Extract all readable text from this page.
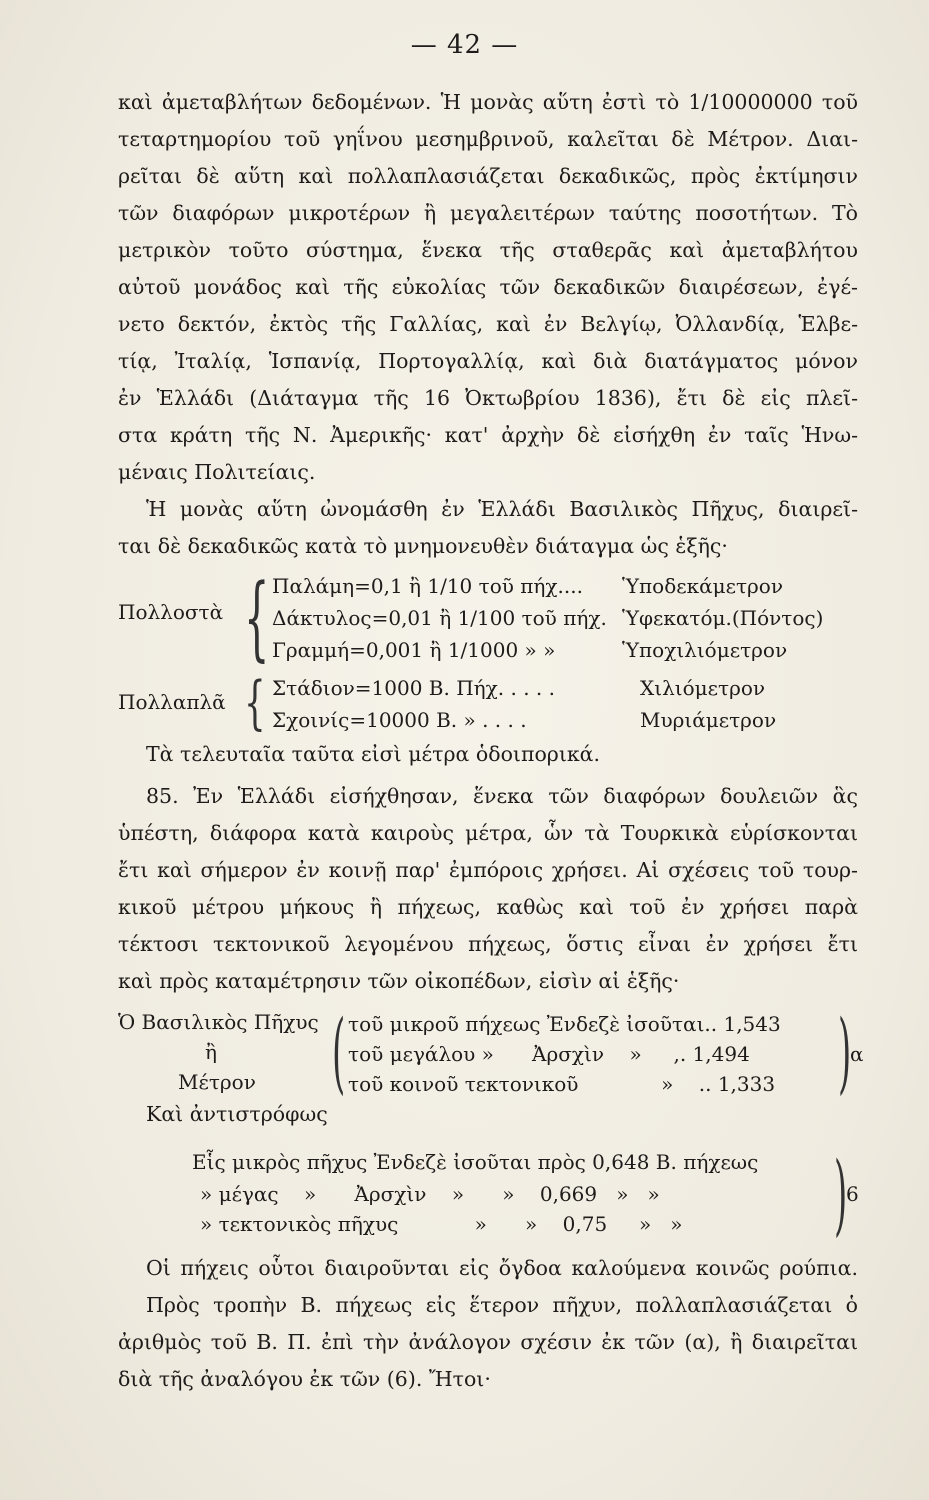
— 42 —
καὶ ἀμεταβλήτων δεδομένων. Ἡ μονὰς αὕτη ἐστὶ τὸ 1/10000000 τοῦ
τεταρτημορίου τοῦ γηΐνου μεσημβρινοῦ, καλεῖται δὲ Μέτρον. Διαι-
ρεῖται δὲ αὕτη καὶ πολλαπλασιάζεται δεκαδικῶς, πρὸς ἐκτίμησιν
τῶν διαφόρων μικροτέρων ἢ μεγαλειτέρων ταύτης ποσοτήτων. Τὸ
μετρικὸν τοῦτο σύστημα, ἕνεκα τῆς σταθερᾶς καὶ ἀμεταβλήτου
αὐτοῦ μονάδος καὶ τῆς εὐκολίας τῶν δεκαδικῶν διαιρέσεων, ἐγέ-
νετο δεκτόν, ἐκτὸς τῆς Γαλλίας, καὶ ἐν Βελγίῳ, Ὀλλανδίᾳ, Ἑλβε-
τίᾳ, Ἰταλίᾳ, Ἱσπανίᾳ, Πορτογαλλίᾳ, καὶ διὰ διατάγματος μόνον
ἐν Ἑλλάδι (Διάταγμα τῆς 16 Ὀκτωβρίου 1836), ἔτι δὲ εἰς πλεῖ-
στα κράτη τῆς Ν. Ἀμερικῆς· κατ' ἀρχὴν δὲ εἰσήχθη ἐν ταῖς Ἡνω-
μέναις Πολιτείαις.
Ἡ μονὰς αὕτη ὠνομάσθη ἐν Ἑλλάδι Βασιλικὸς Πῆχυς, διαιρεῖ-
ται δὲ δεκαδικῶς κατὰ τὸ μνημονευθὲν διάταγμα ὡς ἑξῆς·
Πολλοστὰ { Παλάμη=0,1 ἢ 1/10 τοῦ πήχ.... Ὑποδεκάμετρον
Δάκτυλος=0,01 ἢ 1/100 τοῦ πήχ. Ὑφεκατόμ.(Πόντος)
Γραμμή=0,001 ἢ 1/1000 » »	Ὑποχιλιόμετρον
Πολλαπλᾶ { Στάδιον=1000 Β. Πήχ. . . . .	Χιλιόμετρον
Σχοινίς=10000 Β. » . . . .	Μυριάμετρον
Τὰ τελευταῖα ταῦτα εἰσὶ μέτρα ὁδοιπορικά.
85. Ἐν Ἑλλάδι εἰσήχθησαν, ἕνεκα τῶν διαφόρων δουλειῶν ἃς
ὑπέστη, διάφορα κατὰ καιροὺς μέτρα, ὧν τὰ Τουρκικὰ εὑρίσκονται
ἔτι καὶ σήμερον ἐν κοινῇ παρ' ἐμπόροις χρήσει. Αἱ σχέσεις τοῦ τουρ-
κικοῦ μέτρου μήκους ἢ πήχεως, καθὼς καὶ τοῦ ἐν χρήσει παρὰ
τέκτοσι τεκτονικοῦ λεγομένου πήχεως, ὅστις εἶναι ἐν χρήσει ἔτι
καὶ πρὸς καταμέτρησιν τῶν οἰκοπέδων, εἰσὶν αἱ ἑξῆς·
Ὁ Βασιλικὸς Πῆχυς
ἢ
Μέτρον ( τοῦ μικροῦ πήχεως Ἐνδεζὲ ἰσοῦται.. 1,543
τοῦ μεγάλου »      Ἀρσχὶν    »     ,. 1,494
τοῦ κοινοῦ τεκτονικοῦ             »    .. 1,333 )
α
Καὶ ἀντιστρόφως
Εἷς μικρὸς πῆχυς Ἐνδεζὲ ἰσοῦται πρὸς 0,648 Β. πήχεως
» μέγας    »      Ἀρσχὶν    »      »    0,669   »   »
» τεκτονικὸς πῆχυς            »      »    0,75     »   »	)
6
Οἱ πήχεις οὗτοι διαιροῦνται εἰς ὄγδοα καλούμενα κοινῶς ρούπια.
Πρὸς τροπὴν Β. πήχεως εἰς ἕτερον πῆχυν, πολλαπλασιάζεται ὁ
ἀριθμὸς τοῦ Β. Π. ἐπὶ τὴν ἀνάλογον σχέσιν ἐκ τῶν (α), ἢ διαιρεῖται
διὰ τῆς ἀναλόγου ἐκ τῶν (6). Ἤτοι·
